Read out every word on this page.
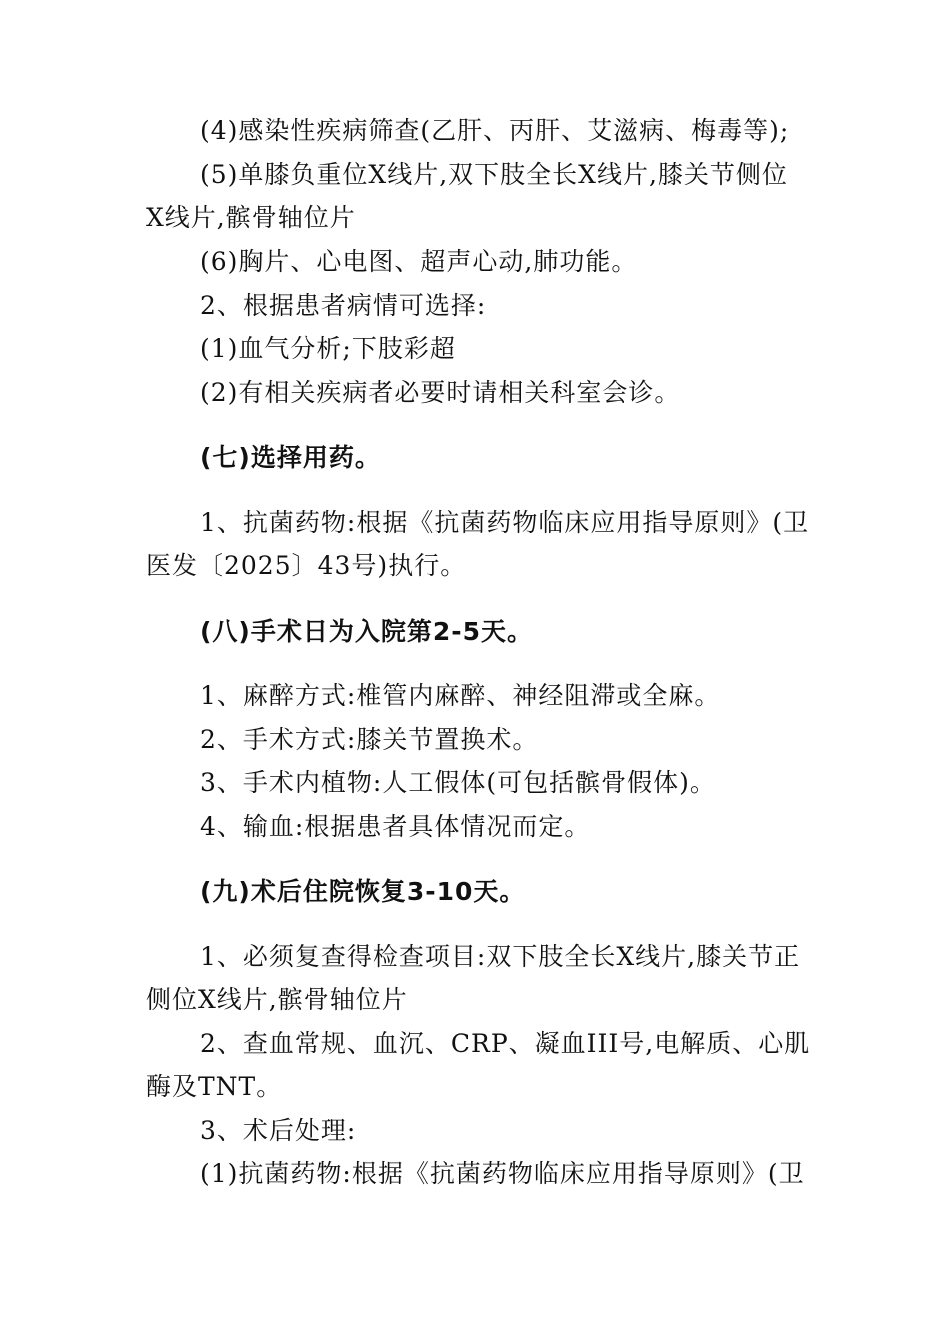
(4)感染性疾病筛查(乙肝、丙肝、艾滋病、梅毒等);
(5)单膝负重位X线片,双下肢全长X线片,膝关节侧位
X线片,髌骨轴位片
(6)胸片、心电图、超声心动,肺功能。
2、根据患者病情可选择:
(1)血气分析;下肢彩超
(2)有相关疾病者必要时请相关科室会诊。
(七)选择用药。
1、抗菌药物:根据《抗菌药物临床应用指导原则》(卫
医发〔2025〕43号)执行。
(八)手术日为入院第2-5天。
1、麻醉方式:椎管内麻醉、神经阻滞或全麻。
2、手术方式:膝关节置换术。
3、手术内植物:人工假体(可包括髌骨假体)。
4、输血:根据患者具体情况而定。
(九)术后住院恢复3-10天。
1、必须复查得检查项目:双下肢全长X线片,膝关节正
侧位X线片,髌骨轴位片
2、查血常规、血沉、CRP、凝血III号,电解质、心肌
酶及TNT。
3、术后处理:
(1)抗菌药物:根据《抗菌药物临床应用指导原则》(卫
